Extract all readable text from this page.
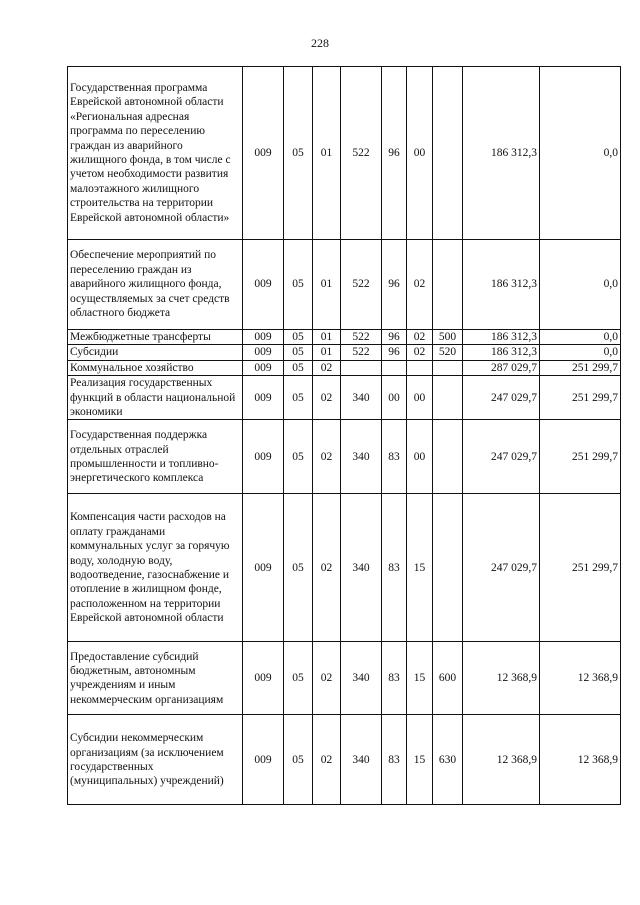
228
Государственная программа Еврейской автономной области «Региональная адресная программа по переселению граждан из аварийного жилищного фонда, в том числе с учетом необходимости развития малоэтажного жилищного строительства на территории Еврейской автономной области»	009	05	01	522	96	00		186 312,3	0,0
Обеспечение мероприятий по переселению граждан из аварийного жилищного фонда, осуществляемых за счет средств областного бюджета	009	05	01	522	96	02		186 312,3	0,0
Межбюджетные трансферты	009	05	01	522	96	02	500	186 312,3	0,0
Субсидии	009	05	01	522	96	02	520	186 312,3	0,0
Коммунальное хозяйство	009	05	02					287 029,7	251 299,7
Реализация государственных функций в области национальной экономики	009	05	02	340	00	00		247 029,7	251 299,7
Государственная поддержка отдельных отраслей промышленности и топливно-энергетического комплекса	009	05	02	340	83	00		247 029,7	251 299,7
Компенсация части расходов на оплату гражданами коммунальных услуг за горячую воду, холодную воду, водоотведение, газоснабжение и отопление в жилищном фонде, расположенном на территории Еврейской автономной области	009	05	02	340	83	15		247 029,7	251 299,7
Предоставление субсидий бюджетным, автономным учреждениям и иным некоммерческим организациям	009	05	02	340	83	15	600	12 368,9	12 368,9
Субсидии некоммерческим организациям (за исключением государственных (муниципальных) учреждений)	009	05	02	340	83	15	630	12 368,9	12 368,9
